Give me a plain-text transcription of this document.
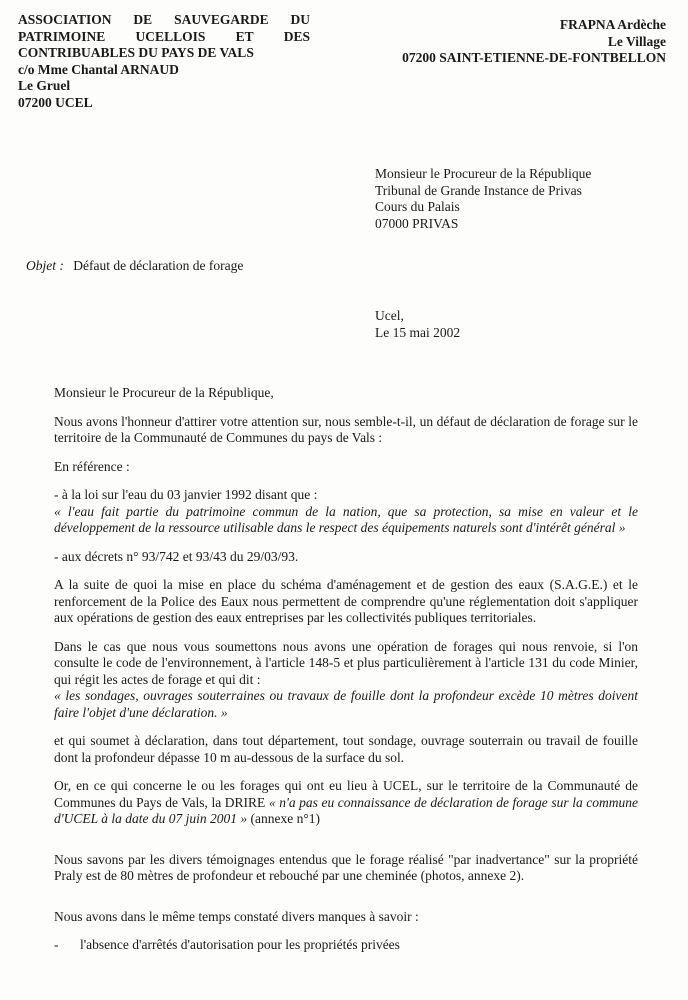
ASSOCIATION DE SAUVEGARDE DU
PATRIMOINE UCELLOIS ET DES
CONTRIBUABLES DU PAYS DE VALS
c/o Mme Chantal ARNAUD
Le Gruel
07200 UCEL
FRAPNA Ardèche
Le Village
07200 SAINT-ETIENNE-DE-FONTBELLON
Monsieur le Procureur de la République
Tribunal de Grande Instance de Privas
Cours du Palais
07000 PRIVAS
Objet : Défaut de déclaration de forage
Ucel,
Le 15 mai 2002

Monsieur le Procureur de la République,

Nous avons l'honneur d'attirer votre attention sur, nous semble-t-il, un défaut de déclaration de forage sur le territoire de la Communauté de Communes du pays de Vals :

En référence :

- à la loi sur l'eau du 03 janvier 1992 disant que :

« l'eau fait partie du patrimoine commun de la nation, que sa protection, sa mise en valeur et le développement de la ressource utilisable dans le respect des équipements naturels sont d'intérêt général »

- aux décrets n° 93/742 et 93/43 du 29/03/93.

A la suite de quoi la mise en place du schéma d'aménagement et de gestion des eaux (S.A.G.E.) et le renforcement de la Police des Eaux nous permettent de comprendre qu'une réglementation doit s'appliquer aux opérations de gestion des eaux entreprises par les collectivités publiques territoriales.

Dans le cas que nous vous soumettons nous avons une opération de forages qui nous renvoie, si l'on consulte le code de l'environnement, à l'article 148-5 et plus particulièrement à l'article 131 du code Minier, qui régit les actes de forage et qui dit :

« les sondages, ouvrages souterraines ou travaux de fouille dont la profondeur excède 10 mètres doivent faire l'objet d'une déclaration. »

et qui soumet à déclaration, dans tout département, tout sondage, ouvrage souterrain ou travail de fouille dont la profondeur dépasse 10 m au-dessous de la surface du sol.

Or, en ce qui concerne le ou les forages qui ont eu lieu à UCEL, sur le territoire de la Communauté de Communes du Pays de Vals, la DRIRE « n'a pas eu connaissance de déclaration de forage sur la commune d'UCEL à la date du 07 juin 2001 » (annexe n°1)

Nous savons par les divers témoignages entendus que le forage réalisé "par inadvertance" sur la propriété Praly est de 80 mètres de profondeur et rebouché par une cheminée (photos, annexe 2).

Nous avons dans le même temps constaté divers manques à savoir :

-	l'absence d'arrêtés d'autorisation pour les propriétés privées
